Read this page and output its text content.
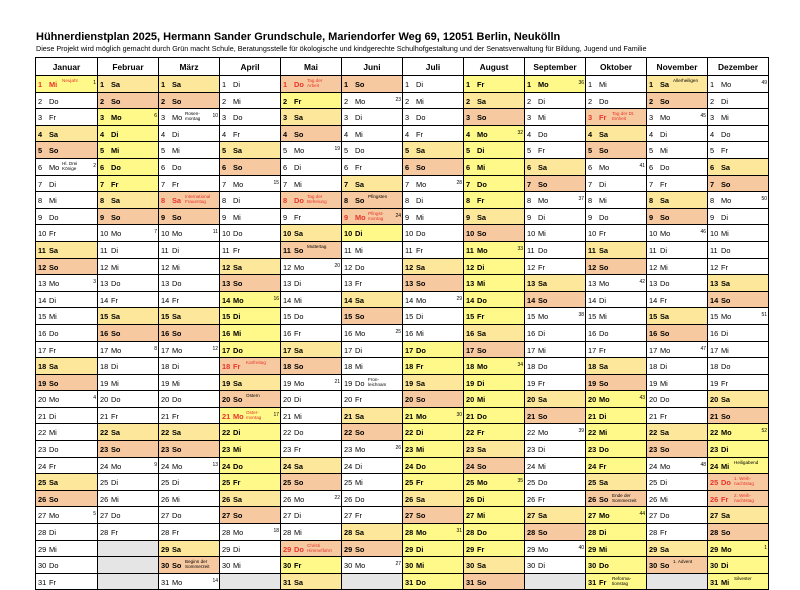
Hühnerdienstplan 2025, Hermann Sander Grundschule, Mariendorfer Weg 69, 12051 Berlin, Neukölln
Diese Projekt wird möglich gemacht durch Grün macht Schule, Beratungsstelle für ökologische und kindgerechte Schulhofgestaltung und der Senatsverwaltung für Bildung, Jugend und Familie
Januar	Februar	März	April	Mai	Juni	Juli	August	September	Oktober	November	Dezember

1 Mi Neujahr 1	1 Sa	1 Sa	1 Di	1 Do Tag der Arbeit	1 So	1 Di	1 Fr	1 Mo 36	1 Mi	1 Sa Allerheiligen	1 Mo 49

2 Do	2 So	2 So	2 Mi	2 Fr	2 Mo 23	2 Mi	2 Sa	2 Di	2 Do	2 So	2 Di

3 Fr	3 Mo 6	3 Mo Rosen- montag 10	3 Do	3 Sa	3 Di	3 Do	3 So	3 Mi	3 Fr Tag der Dt. Einheit	3 Mo 45	3 Mi

4 Sa	4 Di	4 Di	4 Fr	4 So	4 Mi	4 Fr	4 Mo 32	4 Do	4 Sa	4 Di	4 Do

5 So	5 Mi	5 Mi	5 Sa	5 Mo 19	5 Do	5 Sa	5 Di	5 Fr	5 So	5 Mi	5 Fr

6 Mo Hl. Drei Könige 2	6 Do	6 Do	6 So	6 Di	6 Fr	6 So	6 Mi	6 Sa	6 Mo 41	6 Do	6 Sa

7 Di	7 Fr	7 Fr	7 Mo 15	7 Mi	7 Sa	7 Mo 28	7 Do	7 So	7 Di	7 Fr	7 So

8 Mi	8 Sa	8 Sa International Frauentag	8 Di	8 Do Tag der Befreiung	8 So Pfingsten	8 Di	8 Fr	8 Mo 37	8 Mi	8 Sa	8 Mo 50

9 Do	9 So	9 So	9 Mi	9 Fr	9 Mo Pfingst- montag 24	9 Mi	9 Sa	9 Di	9 Do	9 So	9 Di

10 Fr	10 Mo 7	10 Mo 11	10 Do	10 Sa	10 Di	10 Do	10 So	10 Mi	10 Fr	10 Mo 46	10 Mi

11 Sa	11 Di	11 Di	11 Fr	11 So Muttertag	11 Mi	11 Fr	11 Mo 33	11 Do	11 Sa	11 Di	11 Do

12 So	12 Mi	12 Mi	12 Sa	12 Mo 20	12 Do	12 Sa	12 Di	12 Fr	12 So	12 Mi	12 Fr

13 Mo 3	13 Do	13 Do	13 So	13 Di	13 Fr	13 So	13 Mi	13 Sa	13 Mo 42	13 Do	13 Sa

14 Di	14 Fr	14 Fr	14 Mo 16	14 Mi	14 Sa	14 Mo 29	14 Do	14 So	14 Di	14 Fr	14 So

15 Mi	15 Sa	15 Sa	15 Di	15 Do	15 So	15 Di	15 Fr	15 Mo 38	15 Mi	15 Sa	15 Mo 51

16 Do	16 So	16 So	16 Mi	16 Fr	16 Mo 25	16 Mi	16 Sa	16 Di	16 Do	16 So	16 Di

17 Fr	17 Mo 8	17 Mo 12	17 Do	17 Sa	17 Di	17 Do	17 So	17 Mi	17 Fr	17 Mo 47	17 Mi

18 Sa	18 Di	18 Di	18 Fr Karfreitag	18 So	18 Mi	18 Fr	18 Mo 34	18 Do	18 Sa	18 Di	18 Do

19 So	19 Mi	19 Mi	19 Sa	19 Mo 21	19 Do Fron- leichnam	19 Sa	19 Di	19 Fr	19 So	19 Mi	19 Fr

20 Mo 4	20 Do	20 Do	20 So Ostern	20 Di	20 Fr	20 So	20 Mi	20 Sa	20 Mo 43	20 Do	20 Sa

21 Di	21 Fr	21 Fr	21 Mo Oster- montag 17	21 Mi	21 Sa	21 Mo 30	21 Do	21 So	21 Di	21 Fr	21 So

22 Mi	22 Sa	22 Sa	22 Di	22 Do	22 So	22 Di	22 Fr	22 Mo 39	22 Mi	22 Sa	22 Mo 52

23 Do	23 So	23 So	23 Mi	23 Fr	23 Mo 26	23 Mi	23 Sa	23 Di	23 Do	23 So	23 Di

24 Fr	24 Mo 9	24 Mo 13	24 Do	24 Sa	24 Di	24 Do	24 So	24 Mi	24 Fr	24 Mo 48	24 Mi Heiligabend

25 Sa	25 Di	25 Di	25 Fr	25 So	25 Mi	25 Fr	25 Mo 35	25 Do	25 Sa	25 Di	25 Do 1. Weih- nachtstag

26 So	26 Mi	26 Mi	26 Sa	26 Mo 22	26 Do	26 Sa	26 Di	26 Fr	26 So Ende der Sommerzeit	26 Mi	26 Fr 2. Weih- nachtstag

27 Mo 5	27 Do	27 Do	27 So	27 Di	27 Fr	27 So	27 Mi	27 Sa	27 Mo 44	27 Do	27 Sa

28 Di	28 Fr	28 Fr	28 Mo 18	28 Mi	28 Sa	28 Mo 31	28 Do	28 So	28 Di	28 Fr	28 So

29 Mi		29 Sa	29 Di	29 Do Christi Himmelfahrt	29 So	29 Di	29 Fr	29 Mo 40	29 Mi	29 Sa	29 Mo 1

30 Do		30 So Beginn der Sommerzeit	30 Mi	30 Fr	30 Mo 27	30 Mi	30 Sa	30 Di	30 Do	30 So 1. Advent	30 Di

31 Fr		31 Mo 14		31 Sa		31 Do	31 So		31 Fr Reforma- tionstag		31 Mi Silvester
